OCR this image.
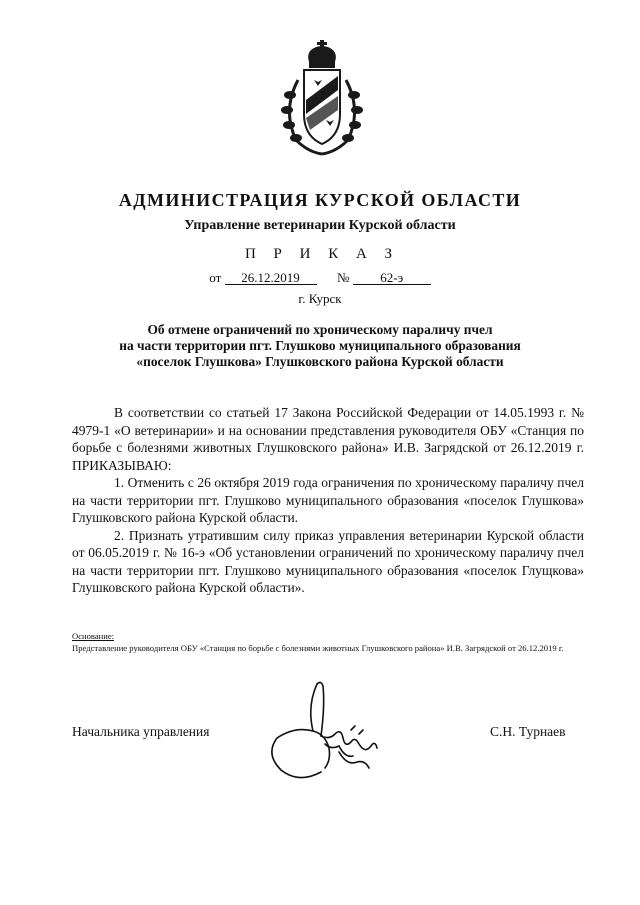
АДМИНИСТРАЦИЯ КУРСКОЙ ОБЛАСТИ
Управление ветеринарии Курской области
П Р И К А З
от 26.12.2019	№ 62-э
г. Курск
Об отмене ограничений по хроническому параличу пчел
на части территории пгт. Глушково муниципального образования
«поселок Глушкова» Глушковского района Курской области

В соответствии со статьей 17 Закона Российской Федерации от 14.05.1993 г. № 4979-1 «О ветеринарии» и на основании представления руководителя ОБУ «Станция по борьбе с болезнями животных Глушковского района» И.В. Загрядской от 26.12.2019 г. ПРИКАЗЫВАЮ:

1. Отменить с 26 октября 2019 года ограничения по хроническому параличу пчел на части территории пгт. Глушково муниципального образования «поселок Глушкова» Глушковского района Курской области.

2. Признать утратившим силу приказ управления ветеринарии Курской области от 06.05.2019 г. № 16-э «Об установлении ограничений по хроническому параличу пчел на части территории пгт. Глушково муниципального образования «поселок Глущкова» Глушковского района Курской области».

Основание:
Представление руководителя ОБУ «Станция по борьбе с болезнями животных Глушковского района» И.В. Загрядской от 26.12.2019 г.
Начальника управления	С.Н. Турнаев
